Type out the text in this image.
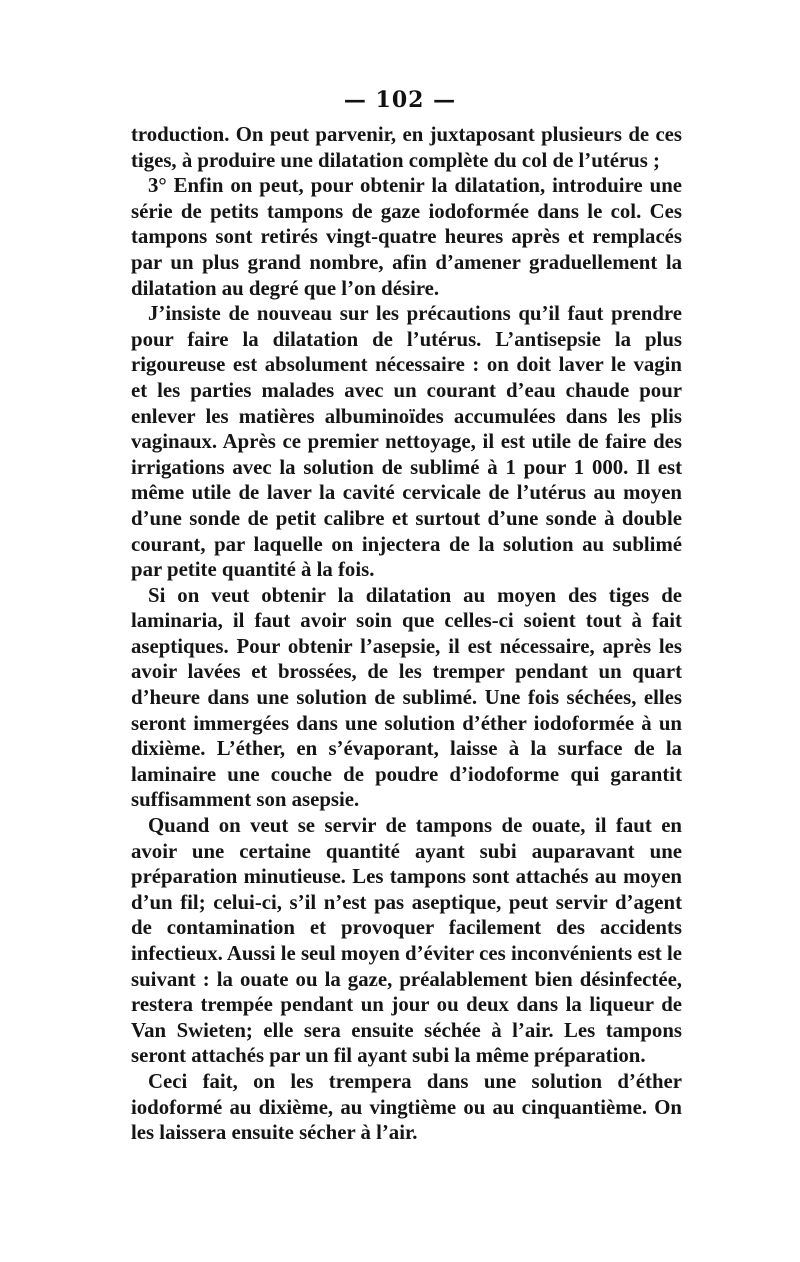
— 102 —

troduction. On peut parvenir, en juxtaposant plusieurs de ces tiges, à produire une dilatation complète du col de l’utérus ;

3° Enfin on peut, pour obtenir la dilatation, introduire une série de petits tampons de gaze iodoformée dans le col. Ces tampons sont retirés vingt-quatre heures après et remplacés par un plus grand nombre, afin d’amener graduellement la dilatation au degré que l’on désire.

J’insiste de nouveau sur les précautions qu’il faut prendre pour faire la dilatation de l’utérus. L’antisepsie la plus rigoureuse est absolument nécessaire : on doit laver le vagin et les parties malades avec un courant d’eau chaude pour enlever les matières albuminoïdes accumulées dans les plis vaginaux. Après ce premier nettoyage, il est utile de faire des irrigations avec la solution de sublimé à 1 pour 1 000. Il est même utile de laver la cavité cervicale de l’utérus au moyen d’une sonde de petit calibre et surtout d’une sonde à double courant, par laquelle on injectera de la solution au sublimé par petite quantité à la fois.

Si on veut obtenir la dilatation au moyen des tiges de laminaria, il faut avoir soin que celles-ci soient tout à fait aseptiques. Pour obtenir l’asepsie, il est nécessaire, après les avoir lavées et brossées, de les tremper pendant un quart d’heure dans une solution de sublimé. Une fois séchées, elles seront immergées dans une solution d’éther iodoformée à un dixième. L’éther, en s’évaporant, laisse à la surface de la laminaire une couche de poudre d’iodoforme qui garantit suffisamment son asepsie.

Quand on veut se servir de tampons de ouate, il faut en avoir une certaine quantité ayant subi auparavant une préparation minutieuse. Les tampons sont attachés au moyen d’un fil; celui-ci, s’il n’est pas aseptique, peut servir d’agent de contamination et provoquer facilement des accidents infectieux. Aussi le seul moyen d’éviter ces inconvénients est le suivant : la ouate ou la gaze, préalablement bien désinfectée, restera trempée pendant un jour ou deux dans la liqueur de Van Swieten; elle sera ensuite séchée à l’air. Les tampons seront attachés par un fil ayant subi la même préparation.

Ceci fait, on les trempera dans une solution d’éther iodoformé au dixième, au vingtième ou au cinquantième. On les laissera ensuite sécher à l’air.
